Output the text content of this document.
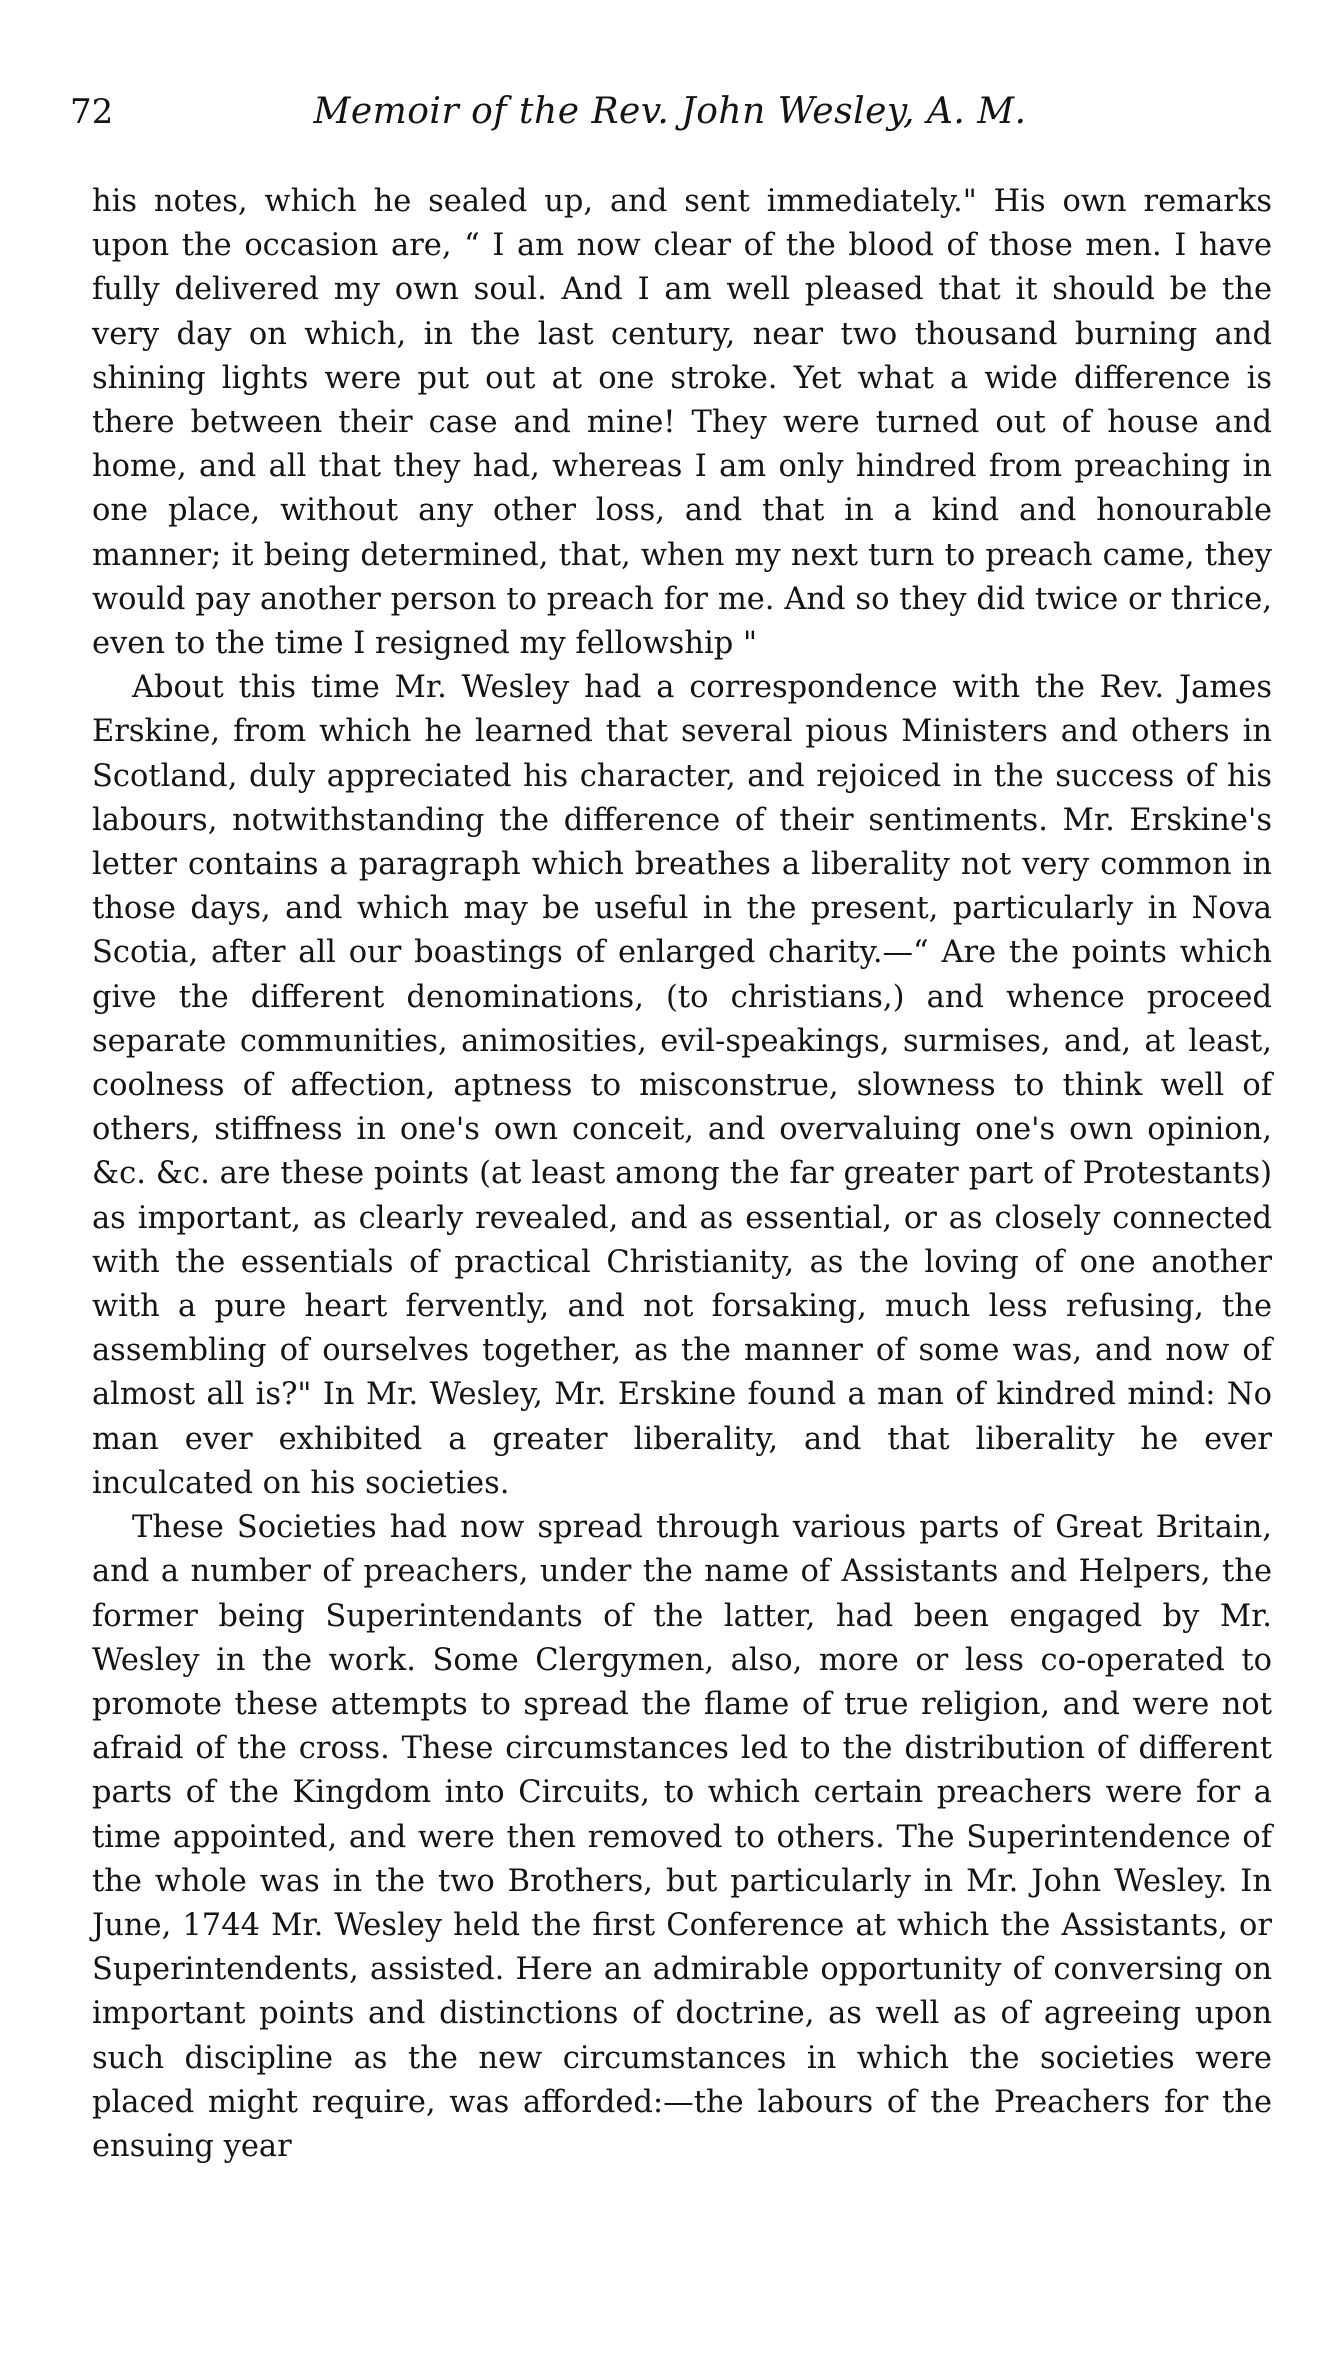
72	Memoir of the Rev. John Wesley, A. M.

his notes, which he sealed up, and sent immediately." His own remarks upon the occasion are, “ I am now clear of the blood of those men. I have fully delivered my own soul. And I am well pleased that it should be the very day on which, in the last century, near two thousand burning and shining lights were put out at one stroke. Yet what a wide difference is there between their case and mine! They were turned out of house and home, and all that they had, whereas I am only hindred from preaching in one place, without any other loss, and that in a kind and honourable manner; it being determined, that, when my next turn to preach came, they would pay another person to preach for me. And so they did twice or thrice, even to the time I resigned my fellowship "

About this time Mr. Wesley had a correspondence with the Rev. James Erskine, from which he learned that several pious Ministers and others in Scotland, duly appreciated his character, and rejoiced in the success of his labours, notwithstanding the difference of their sentiments. Mr. Erskine's letter contains a paragraph which breathes a liberality not very common in those days, and which may be useful in the present, particularly in Nova Scotia, after all our boastings of enlarged charity.—“ Are the points which give the different denominations, (to christians,) and whence proceed separate communities, animosities, evil-speakings, surmises, and, at least, coolness of affection, aptness to misconstrue, slowness to think well of others, stiffness in one's own conceit, and overvaluing one's own opinion, &c. &c. are these points (at least among the far greater part of Protestants) as important, as clearly revealed, and as essential, or as closely connected with the essentials of practical Christianity, as the loving of one another with a pure heart fervently, and not forsaking, much less refusing, the assembling of ourselves together, as the manner of some was, and now of almost all is?" In Mr. Wesley, Mr. Erskine found a man of kindred mind: No man ever exhibited a greater liberality, and that liberality he ever inculcated on his societies.

These Societies had now spread through various parts of Great Britain, and a number of preachers, under the name of Assistants and Helpers, the former being Superintendants of the latter, had been engaged by Mr. Wesley in the work. Some Clergymen, also, more or less co-operated to promote these attempts to spread the flame of true religion, and were not afraid of the cross. These circumstances led to the distribution of different parts of the Kingdom into Circuits, to which certain preachers were for a time appointed, and were then removed to others. The Superintendence of the whole was in the two Brothers, but particularly in Mr. John Wesley. In June, 1744 Mr. Wesley held the first Conference at which the Assistants, or Superintendents, assisted. Here an admirable opportunity of conversing on important points and distinctions of doctrine, as well as of agreeing upon such discipline as the new circumstances in which the societies were placed might require, was afforded:—the labours of the Preachers for the ensuing year
